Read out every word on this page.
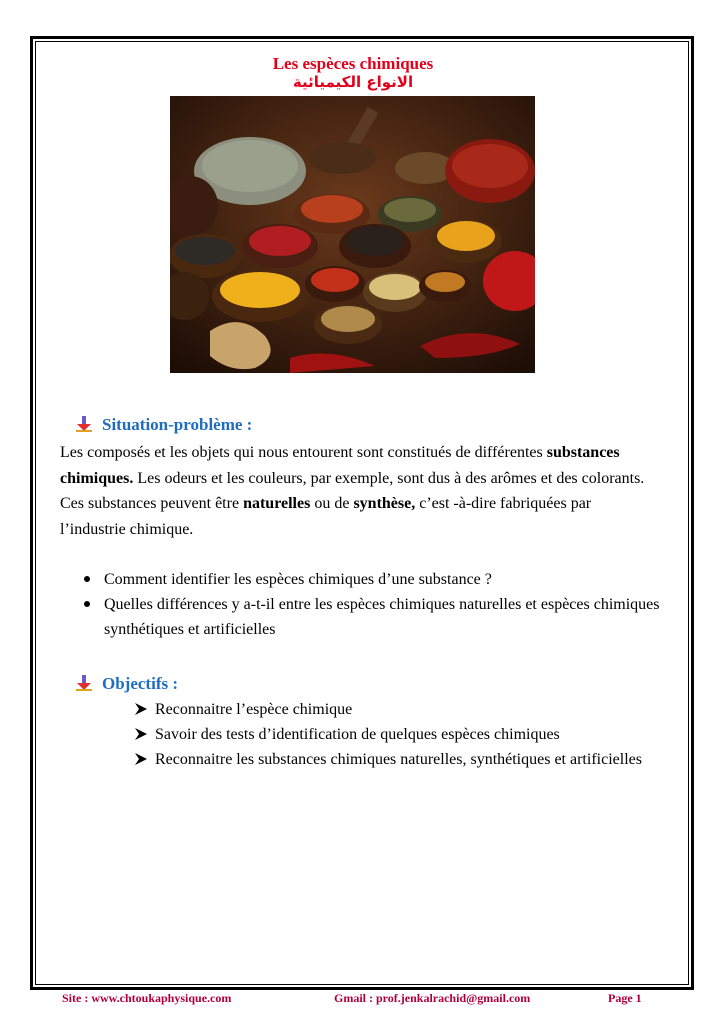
Les espèces chimiques
الانواع الكيميائية
Situation-problème :
Les composés et les objets qui nous entourent sont constitués de différentes substances chimiques. Les odeurs et les couleurs, par exemple, sont dus à des arômes et des colorants. Ces substances peuvent être naturelles ou de synthèse, c’est -à-dire fabriquées par l’industrie chimique.
Comment identifier les espèces chimiques d’une substance ?
Quelles différences y a-t-il entre les espèces chimiques naturelles et espèces chimiques synthétiques et artificielles
Objectifs :
Reconnaitre l’espèce chimique
Savoir des tests d’identification de quelques espèces chimiques
Reconnaitre les substances chimiques naturelles, synthétiques et artificielles
Site : www.chtoukaphysique.com	Gmail : prof.jenkalrachid@gmail.com	Page 1
